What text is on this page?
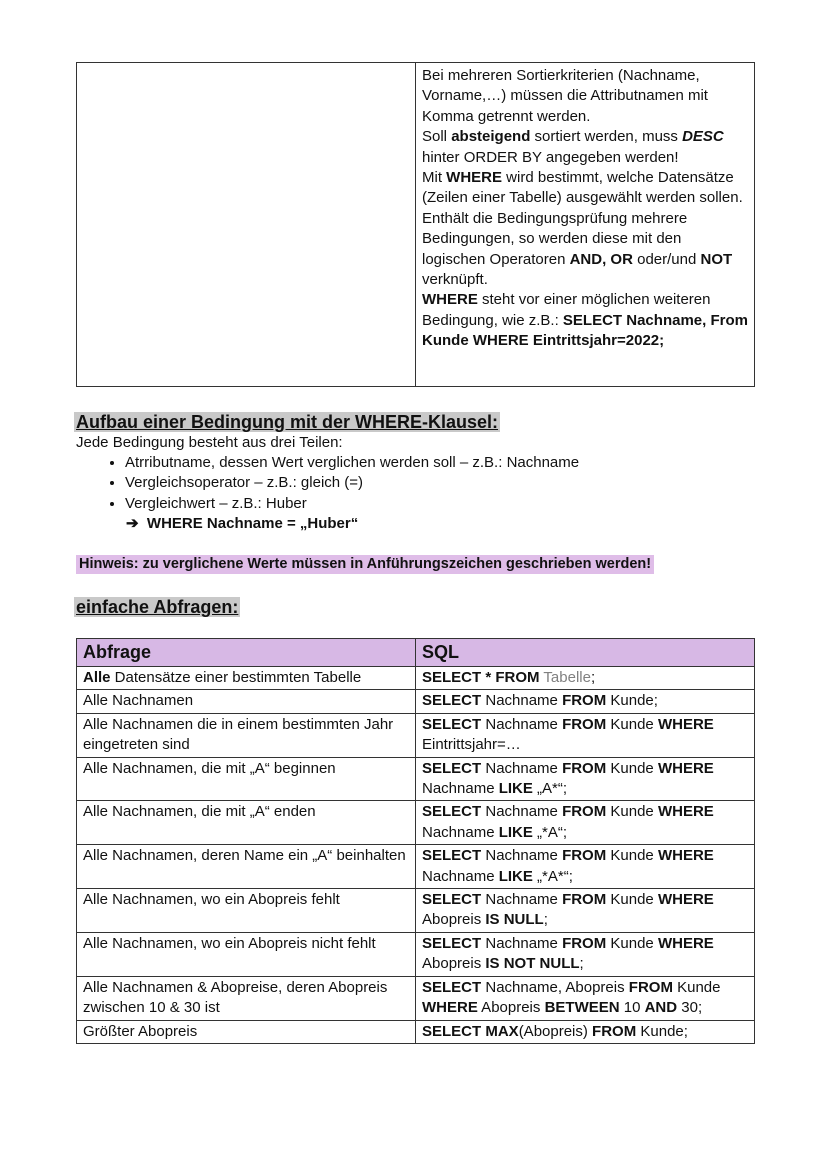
Bei mehreren Sortierkriterien (Nachname, Vorname,…) müssen die Attributnamen mit Komma getrennt werden.
Soll absteigend sortiert werden, muss DESC hinter ORDER BY angegeben werden!
Mit WHERE wird bestimmt, welche Datensätze (Zeilen einer Tabelle) ausgewählt werden sollen. Enthält die Bedingungsprüfung mehrere Bedingungen, so werden diese mit den logischen Operatoren AND, OR oder/und NOT verknüpft.
WHERE steht vor einer möglichen weiteren Bedingung, wie z.B.: SELECT Nachname, From Kunde WHERE Eintrittsjahr=2022;
Aufbau einer Bedingung mit der WHERE-Klausel:
Jede Bedingung besteht aus drei Teilen:
• Atrributname, dessen Wert verglichen werden soll – z.B.: Nachname
• Vergleichsoperator – z.B.: gleich (=)
• Vergleichwert – z.B.: Huber
➔ WHERE Nachname = „Huber“
Hinweis: zu verglichene Werte müssen in Anführungszeichen geschrieben werden!
einfache Abfragen:
Abfrage	SQL
Alle Datensätze einer bestimmten Tabelle	SELECT * FROM Tabelle;
Alle Nachnamen	SELECT Nachname FROM Kunde;
Alle Nachnamen die in einem bestimmten Jahr eingetreten sind	SELECT Nachname FROM Kunde WHERE Eintrittsjahr=…
Alle Nachnamen, die mit „A“ beginnen	SELECT Nachname FROM Kunde WHERE Nachname LIKE „A*“;
Alle Nachnamen, die mit „A“ enden	SELECT Nachname FROM Kunde WHERE Nachname LIKE „*A“;
Alle Nachnamen, deren Name ein „A“ beinhalten	SELECT Nachname FROM Kunde WHERE Nachname LIKE „*A*“;
Alle Nachnamen, wo ein Abopreis fehlt	SELECT Nachname FROM Kunde WHERE Abopreis IS NULL;
Alle Nachnamen, wo ein Abopreis nicht fehlt	SELECT Nachname FROM Kunde WHERE Abopreis IS NOT NULL;
Alle Nachnamen & Abopreise, deren Abopreis zwischen 10 & 30 ist	SELECT Nachname, Abopreis FROM Kunde WHERE Abopreis BETWEEN 10 AND 30;
Größter Abopreis	SELECT MAX(Abopreis) FROM Kunde;
